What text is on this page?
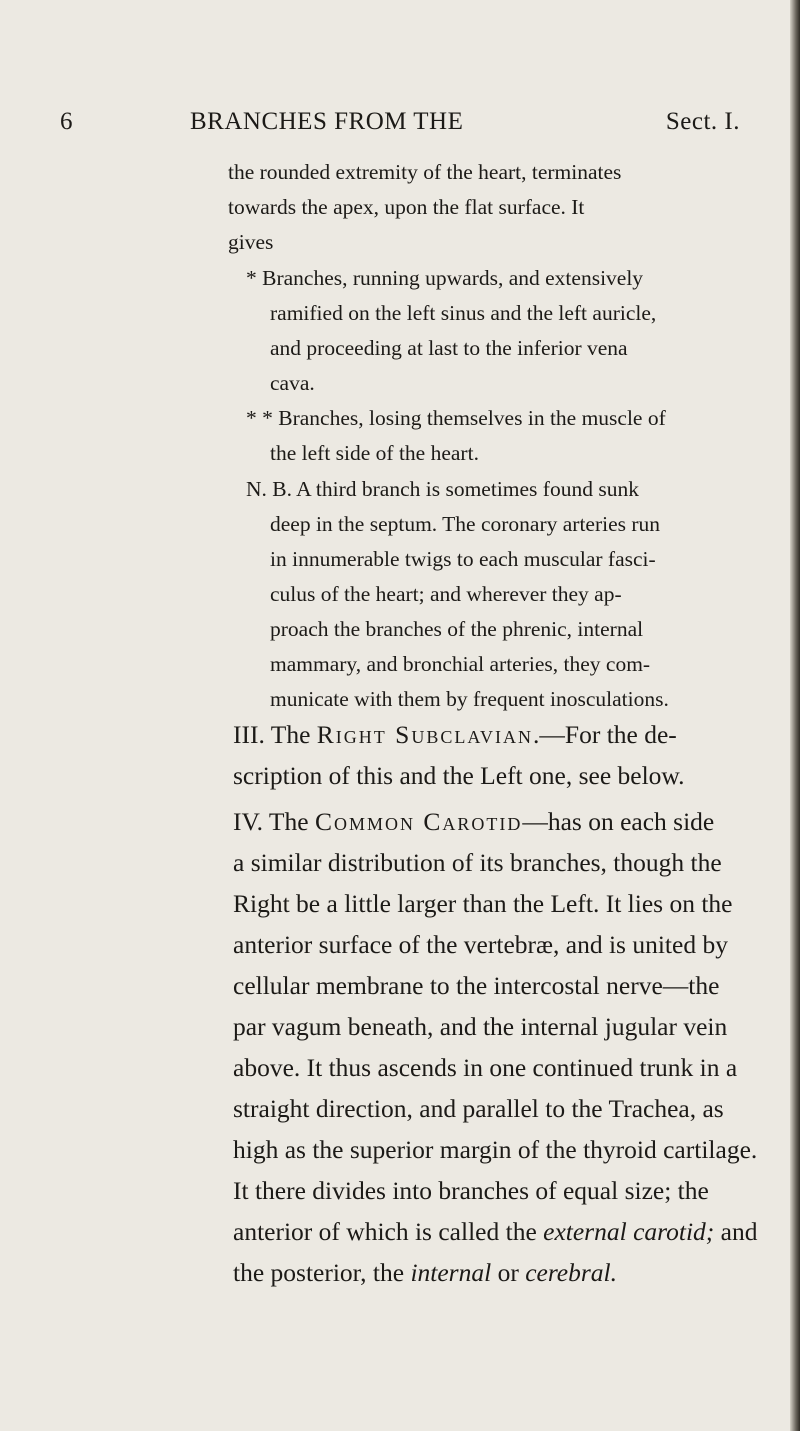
6	BRANCHES FROM THE	Sect. I.
the rounded extremity of the heart, terminates
towards the apex, upon the flat surface. It
gives
* Branches, running upwards, and extensively
ramified on the left sinus and the left auricle,
and proceeding at last to the inferior vena
cava.
* * Branches, losing themselves in the muscle of
the left side of the heart.
N. B. A third branch is sometimes found sunk
deep in the septum. The coronary arteries run
in innumerable twigs to each muscular fasci-
culus of the heart; and wherever they ap-
proach the branches of the phrenic, internal
mammary, and bronchial arteries, they com-
municate with them by frequent inosculations.
III. The Right Subclavian.—For the de-
scription of this and the Left one, see below.
IV. The Common Carotid—has on each side
a similar distribution of its branches, though the
Right be a little larger than the Left. It lies on the
anterior surface of the vertebræ, and is united by
cellular membrane to the intercostal nerve—the
par vagum beneath, and the internal jugular vein
above. It thus ascends in one continued trunk in a
straight direction, and parallel to the Trachea, as
high as the superior margin of the thyroid cartilage.
It there divides into branches of equal size; the
anterior of which is called the external carotid; and
the posterior, the internal or cerebral.
